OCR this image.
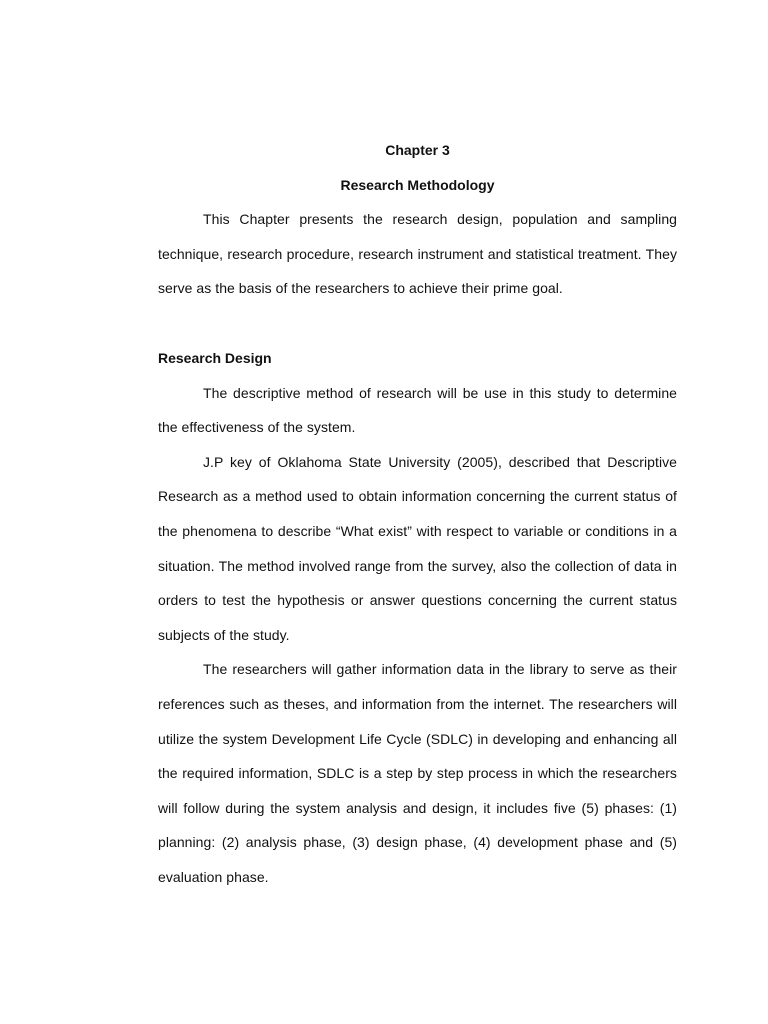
Chapter 3

Research Methodology

This Chapter presents the research design, population and sampling technique, research procedure, research instrument and statistical treatment. They serve as the basis of the researchers to achieve their prime goal.

Research Design

The descriptive method of research will be use in this study to determine the effectiveness of the system.

J.P key of Oklahoma State University (2005), described that Descriptive Research as a method used to obtain information concerning the current status of the phenomena to describe “What exist” with respect to variable or conditions in a situation. The method involved range from the survey, also the collection of data in orders to test the hypothesis or answer questions concerning the current status subjects of the study.

The researchers will gather information data in the library to serve as their references such as theses, and information from the internet. The researchers will utilize the system Development Life Cycle (SDLC) in developing and enhancing all the required information, SDLC is a step by step process in which the researchers will follow during the system analysis and design, it includes five (5) phases: (1) planning: (2) analysis phase, (3) design phase, (4) development phase and (5) evaluation phase.
